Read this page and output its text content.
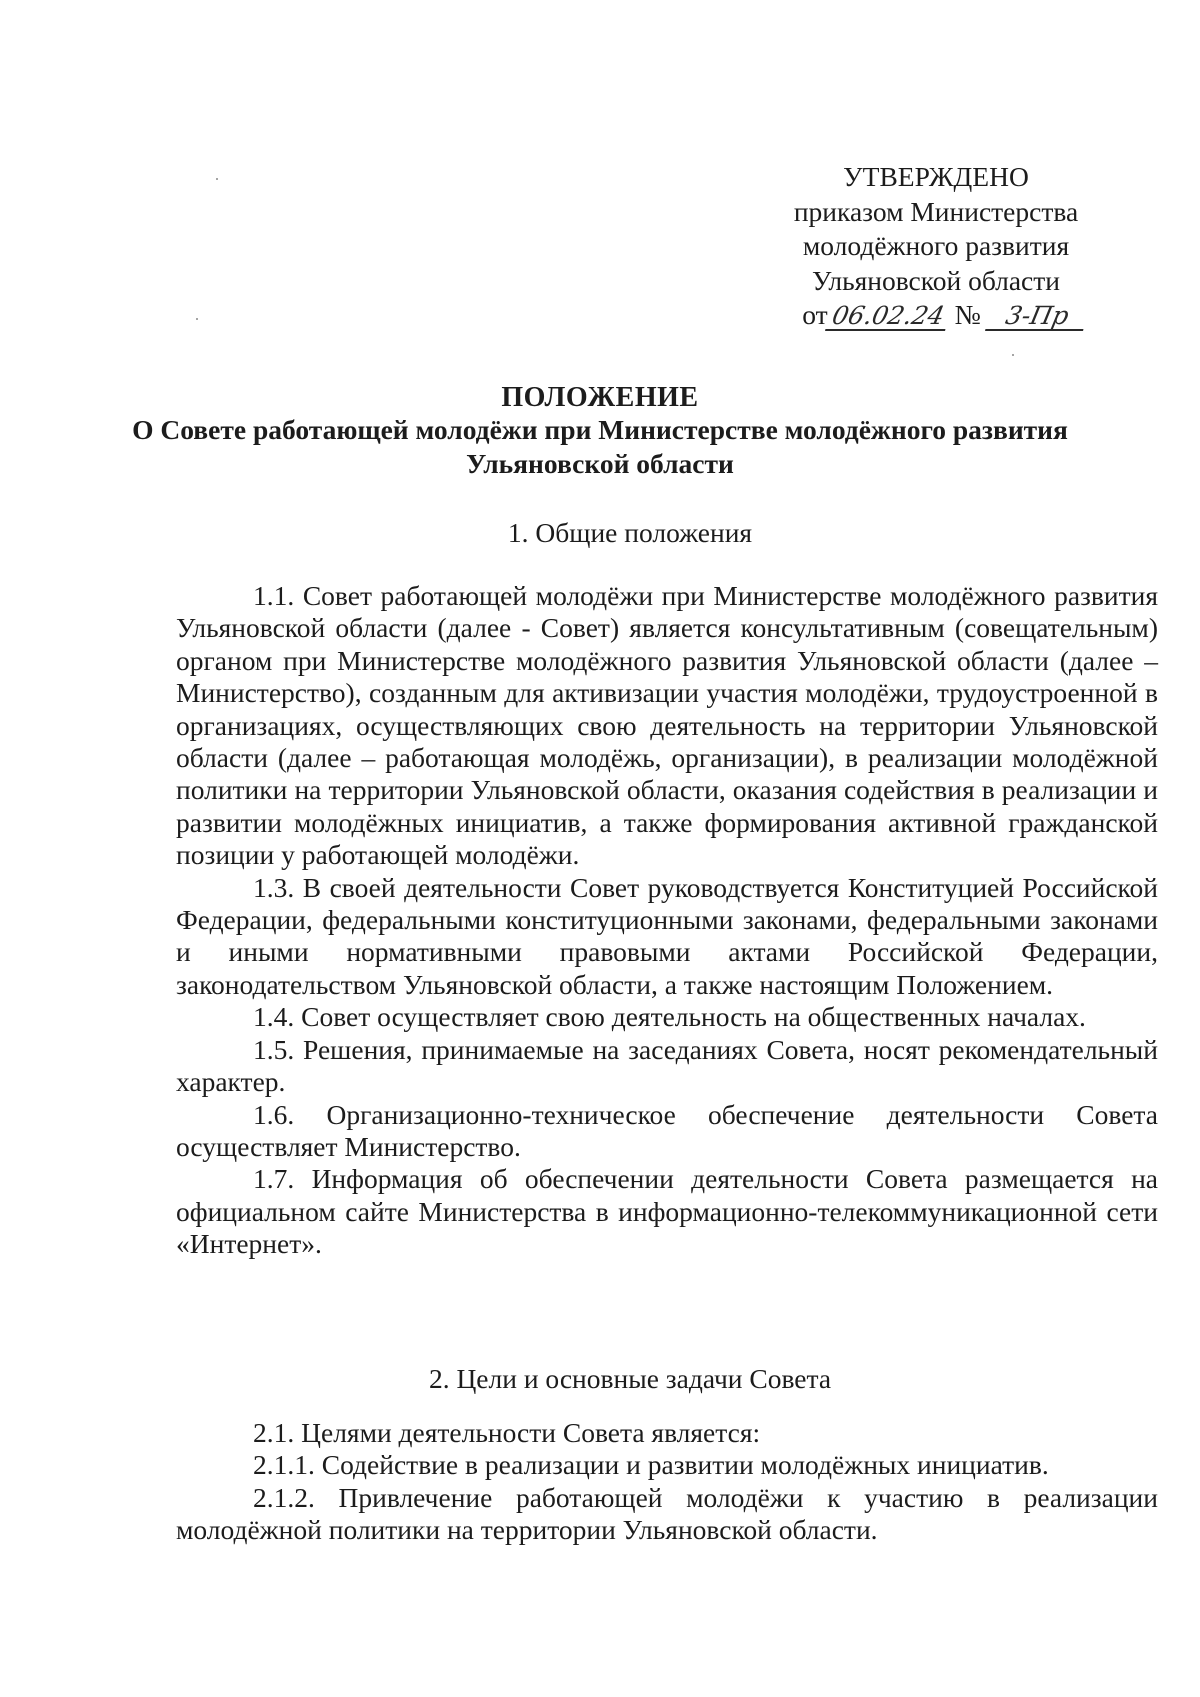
УТВЕРЖДЕНО
приказом Министерства
молодёжного развития
Ульяновской области
от06.02.24 № 3-Пр
ПОЛОЖЕНИЕ
О Совете работающей молодёжи при Министерстве молодёжного развития
Ульяновской области
1. Общие положения

1.1. Совет работающей молодёжи при Министерстве молодёжного развития Ульяновской области (далее - Совет) является консультативным (совещательным) органом при Министерстве молодёжного развития Ульяновской области (далее – Министерство), созданным для активизации участия молодёжи, трудоустроенной в организациях, осуществляющих свою деятельность на территории Ульяновской области (далее – работающая молодёжь, организации), в реализации молодёжной политики на территории Ульяновской области, оказания содействия в реализации и развитии молодёжных инициатив, а также формирования активной гражданской позиции у работающей молодёжи.

1.3. В своей деятельности Совет руководствуется Конституцией Российской Федерации, федеральными конституционными законами, федеральными законами и иными нормативными правовыми актами Российской Федерации, законодательством Ульяновской области, а также настоящим Положением.

1.4. Совет осуществляет свою деятельность на общественных началах.

1.5. Решения, принимаемые на заседаниях Совета, носят рекомендательный характер.

1.6. Организационно-техническое обеспечение деятельности Совета осуществляет Министерство.

1.7. Информация об обеспечении деятельности Совета размещается на официальном сайте Министерства в информационно-телекоммуникационной сети «Интернет».

2. Цели и основные задачи Совета

2.1. Целями деятельности Совета является:

2.1.1. Содействие в реализации и развитии молодёжных инициатив.

2.1.2. Привлечение работающей молодёжи к участию в реализации молодёжной политики на территории Ульяновской области.
